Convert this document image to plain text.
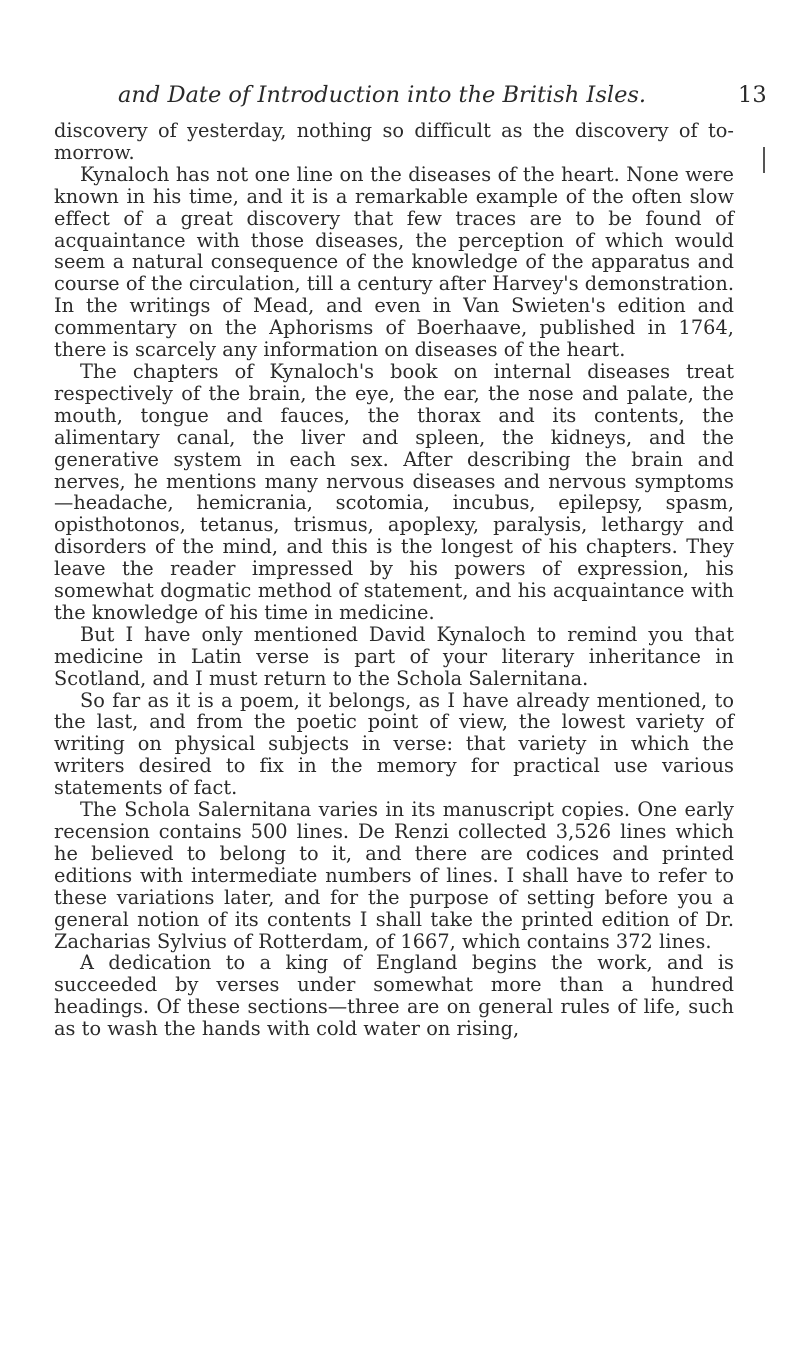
and Date of Introduction into the British Isles.	13

discovery of yesterday, nothing so difficult as the discovery of to-morrow.

Kynaloch has not one line on the diseases of the heart. None were known in his time, and it is a remarkable example of the often slow effect of a great discovery that few traces are to be found of acquaintance with those diseases, the perception of which would seem a natural consequence of the knowledge of the apparatus and course of the circulation, till a century after Harvey's demonstration. In the writings of Mead, and even in Van Swieten's edition and commentary on the Aphorisms of Boerhaave, published in 1764, there is scarcely any information on diseases of the heart.

The chapters of Kynaloch's book on internal diseases treat respectively of the brain, the eye, the ear, the nose and palate, the mouth, tongue and fauces, the thorax and its contents, the alimentary canal, the liver and spleen, the kidneys, and the generative system in each sex. After describing the brain and nerves, he mentions many nervous diseases and nervous symptoms—headache, hemicrania, scotomia, incubus, epilepsy, spasm, opisthotonos, tetanus, trismus, apoplexy, paralysis, lethargy and disorders of the mind, and this is the longest of his chapters. They leave the reader impressed by his powers of expression, his somewhat dogmatic method of statement, and his acquaintance with the knowledge of his time in medicine.

But I have only mentioned David Kynaloch to remind you that medicine in Latin verse is part of your literary inheritance in Scotland, and I must return to the Schola Salernitana.

So far as it is a poem, it belongs, as I have already mentioned, to the last, and from the poetic point of view, the lowest variety of writing on physical subjects in verse: that variety in which the writers desired to fix in the memory for practical use various statements of fact.

The Schola Salernitana varies in its manuscript copies. One early recension contains 500 lines. De Renzi collected 3,526 lines which he believed to belong to it, and there are codices and printed editions with intermediate numbers of lines. I shall have to refer to these variations later, and for the purpose of setting before you a general notion of its contents I shall take the printed edition of Dr. Zacharias Sylvius of Rotterdam, of 1667, which contains 372 lines.

A dedication to a king of England begins the work, and is succeeded by verses under somewhat more than a hundred headings. Of these sections—three are on general rules of life, such as to wash the hands with cold water on rising,
